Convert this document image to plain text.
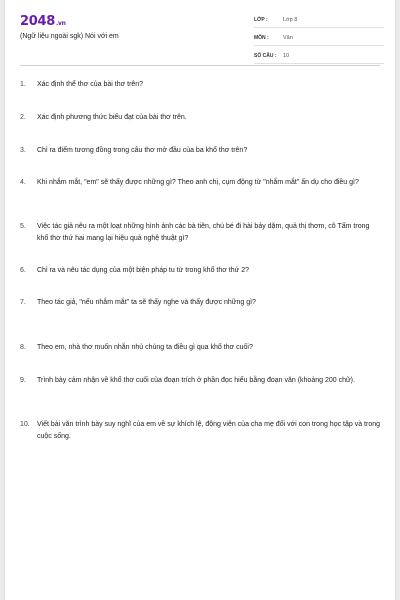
2048.vn
(Ngữ liệu ngoài sgk) Nói với em
LỚP :	Lớp 8
MÔN :	Văn
SỐ CÂU :	10
1.	Xác định thể thơ của bài thơ trên?
2.	Xác định phương thức biểu đạt của bài thơ trên.
3.	Chỉ ra điểm tương đồng trong câu thơ mở đầu của ba khổ thơ trên?
4.	Khi nhắm mắt, "em" sẽ thấy được những gì? Theo anh chị, cụm động từ "nhắm mắt" ẩn dụ cho điều gì?
5.	Việc tác giả nêu ra một loạt những hình ảnh các bà tiên, chú bé đi hài bảy dặm, quả thị thơm, cô Tấm trong khổ thơ thứ hai mang lại hiệu quả nghệ thuật gì?
6.	Chỉ ra và nêu tác dụng của một biện pháp tu từ trong khổ thơ thứ 2?
7.	Theo tác giả, "nếu nhắm mắt" ta sẽ thấy nghe và thấy được những gì?
8.	Theo em, nhà thơ muốn nhắn nhủ chúng ta điều gì qua khổ thơ cuối?
9.	Trình bày cảm nhận về khổ thơ cuối của đoạn trích ở phần đọc hiểu bằng đoạn văn (khoảng 200 chữ).
10.	Viết bài văn trình bày suy nghĩ của em về sự khích lệ, động viên của cha mẹ đối với con trong học tập và trong cuộc sống.
